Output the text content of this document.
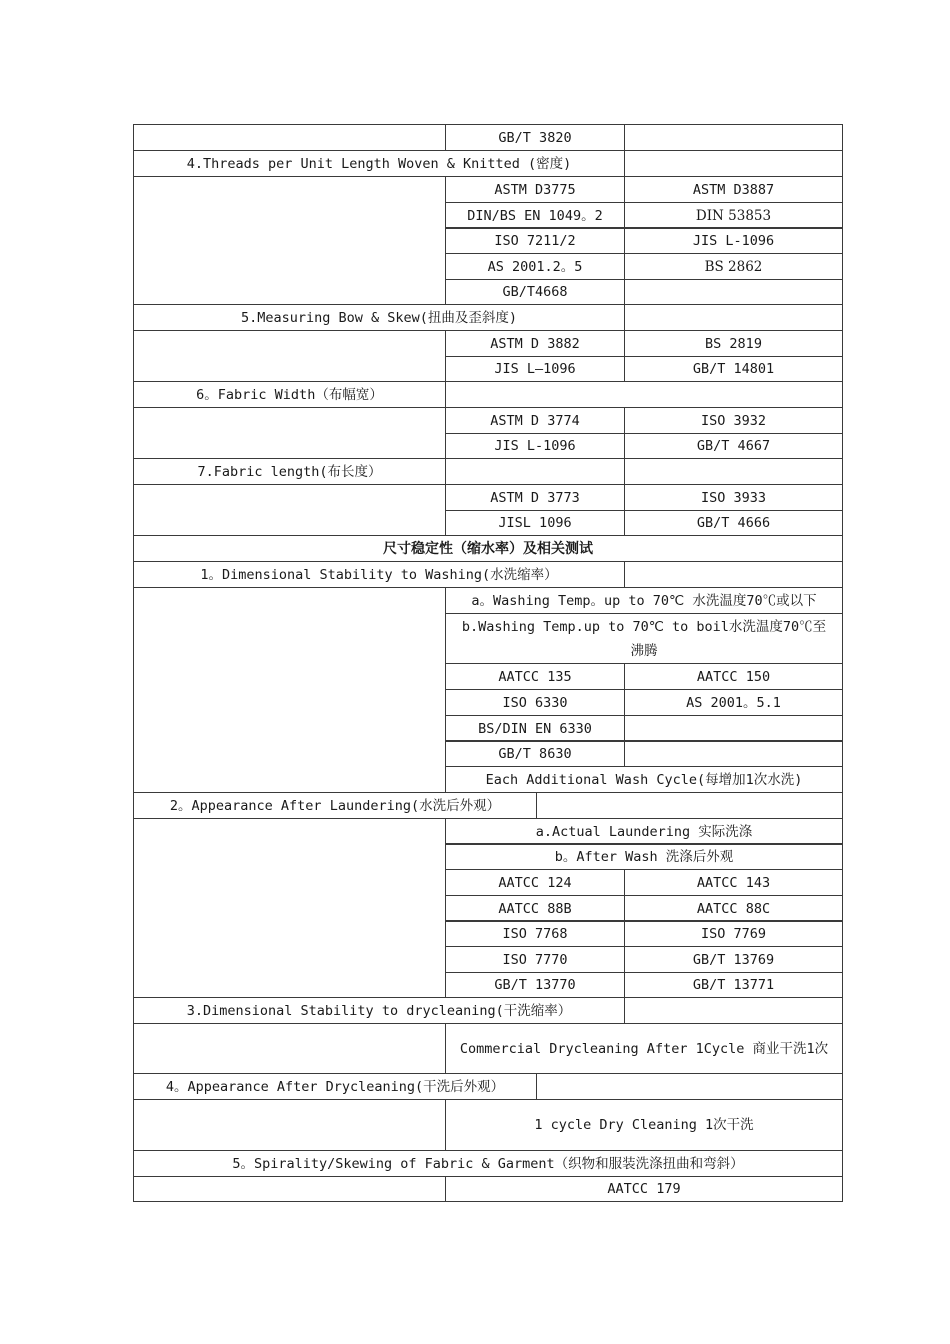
GB/T 3820
4.Threads per Unit Length Woven & Knitted (密度)
ASTM D3775	ASTM D3887
DIN/BS EN 1049。2	DIN 53853
ISO 7211/2	JIS L-1096
AS 2001.2。5	BS 2862
GB/T4668
5.Measuring Bow & Skew(扭曲及歪斜度)
ASTM D 3882	BS 2819
JIS L—1096	GB/T 14801
6。Fabric Width（布幅宽）
ASTM D 3774	ISO 3932
JIS L-1096	GB/T 4667
7.Fabric length(布长度）
ASTM D 3773	ISO 3933
JISL 1096	GB/T 4666
尺寸稳定性（缩水率）及相关测试
1。Dimensional Stability to Washing(水洗缩率）
a。Washing Temp。up to 70℃ 水洗温度70℃或以下
b.Washing Temp.up to 70℃ to boil水洗温度70℃至沸腾
AATCC 135	AATCC 150
ISO 6330	AS 2001。5.1
BS/DIN EN 6330
GB/T 8630
Each Additional Wash Cycle(每增加1次水洗)
2。Appearance After Laundering(水洗后外观）
a.Actual Laundering 实际洗涤
b。After Wash 洗涤后外观
AATCC 124	AATCC 143
AATCC 88B	AATCC 88C
ISO 7768	ISO 7769
ISO 7770	GB/T 13769
GB/T 13770	GB/T 13771
3.Dimensional Stability to drycleaning(干洗缩率）
Commercial Drycleaning After 1Cycle 商业干洗1次
4。Appearance After Drycleaning(干洗后外观）
1 cycle Dry Cleaning 1次干洗
5。Spirality/Skewing of Fabric & Garment（织物和服装洗涤扭曲和弯斜）
AATCC 179
